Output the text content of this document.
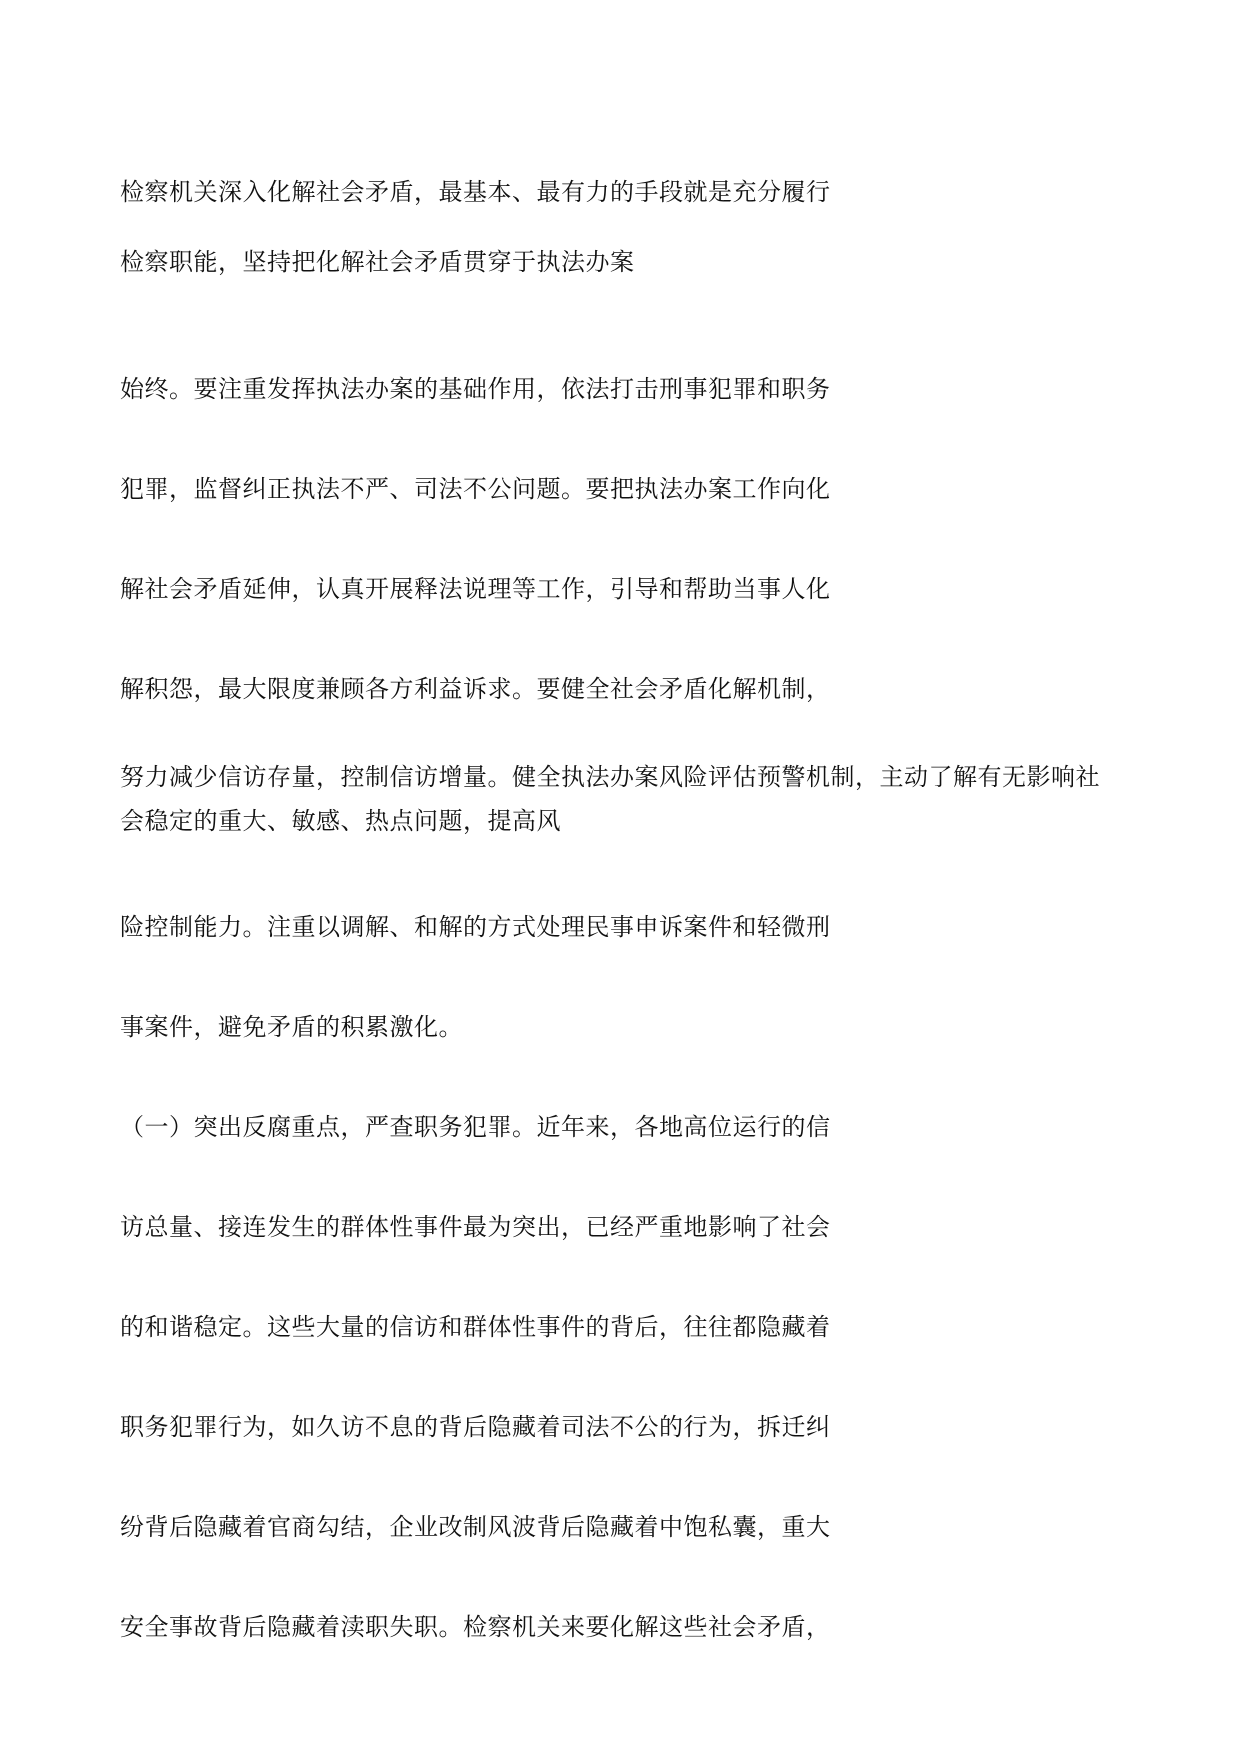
检察机关深入化解社会矛盾，最基本、最有力的手段就是充分履行

检察职能，坚持把化解社会矛盾贯穿于执法办案

始终。要注重发挥执法办案的基础作用，依法打击刑事犯罪和职务

犯罪，监督纠正执法不严、司法不公问题。要把执法办案工作向化

解社会矛盾延伸，认真开展释法说理等工作，引导和帮助当事人化

解积怨，最大限度兼顾各方利益诉求。要健全社会矛盾化解机制，

努力减少信访存量，控制信访增量。健全执法办案风险评估预警机制，主动了解有无影响社

会稳定的重大、敏感、热点问题，提高风

险控制能力。注重以调解、和解的方式处理民事申诉案件和轻微刑

事案件，避免矛盾的积累激化。

（一）突出反腐重点，严查职务犯罪。近年来，各地高位运行的信

访总量、接连发生的群体性事件最为突出，已经严重地影响了社会

的和谐稳定。这些大量的信访和群体性事件的背后，往往都隐藏着

职务犯罪行为，如久访不息的背后隐藏着司法不公的行为，拆迁纠

纷背后隐藏着官商勾结，企业改制风波背后隐藏着中饱私囊，重大

安全事故背后隐藏着渎职失职。检察机关来要化解这些社会矛盾，
